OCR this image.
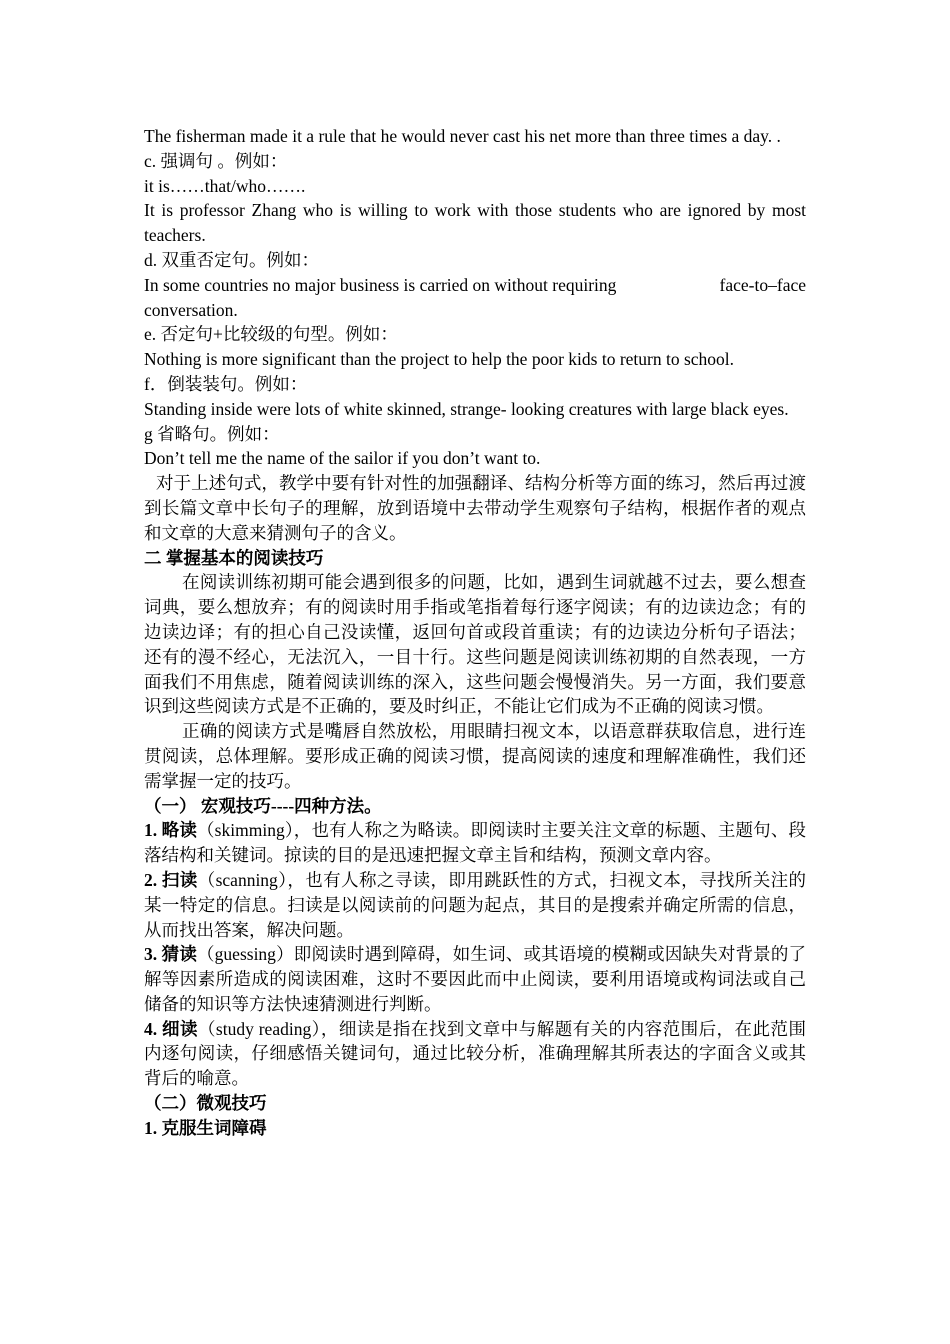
The fisherman made it a rule that he would never cast his net more than three times a day. .

c. 强调句 。例如：

it is……that/who…….

It is professor Zhang who is willing to work with those students who are ignored by most teachers.

d. 双重否定句。例如：

In some countries no major business is carried on without requiring	face-to–face

conversation.

e. 否定句+比较级的句型。例如：

Nothing is more significant than the project to help the poor kids to return to school.

f．倒装装句。例如：

Standing inside were lots of white skinned, strange- looking creatures with large black eyes.

g 省略句。例如：

Don’t tell me the name of the sailor if you don’t want to.

对于上述句式，教学中要有针对性的加强翻译、结构分析等方面的练习，然后再过渡到长篇文章中长句子的理解，放到语境中去带动学生观察句子结构，根据作者的观点和文章的大意来猜测句子的含义。

二 掌握基本的阅读技巧

在阅读训练初期可能会遇到很多的问题，比如，遇到生词就越不过去，要么想查词典，要么想放弃；有的阅读时用手指或笔指着每行逐字阅读；有的边读边念；有的边读边译；有的担心自己没读懂，返回句首或段首重读；有的边读边分析句子语法；还有的漫不经心，无法沉入，一目十行。这些问题是阅读训练初期的自然表现，一方面我们不用焦虑，随着阅读训练的深入，这些问题会慢慢消失。另一方面，我们要意识到这些阅读方式是不正确的，要及时纠正，不能让它们成为不正确的阅读习惯。

正确的阅读方式是嘴唇自然放松，用眼睛扫视文本，以语意群获取信息，进行连贯阅读，总体理解。要形成正确的阅读习惯，提高阅读的速度和理解准确性，我们还需掌握一定的技巧。

（一） 宏观技巧----四种方法。

1. 略读（skimming），也有人称之为略读。即阅读时主要关注文章的标题、主题句、段落结构和关键词。掠读的目的是迅速把握文章主旨和结构，预测文章内容。

2. 扫读（scanning），也有人称之寻读，即用跳跃性的方式，扫视文本，寻找所关注的某一特定的信息。扫读是以阅读前的问题为起点，其目的是搜索并确定所需的信息，从而找出答案，解决问题。

3. 猜读（guessing）即阅读时遇到障碍，如生词、或其语境的模糊或因缺失对背景的了解等因素所造成的阅读困难，这时不要因此而中止阅读，要利用语境或构词法或自己储备的知识等方法快速猜测进行判断。

4. 细读（study reading），细读是指在找到文章中与解题有关的内容范围后，在此范围内逐句阅读，仔细感悟关键词句，通过比较分析，准确理解其所表达的字面含义或其背后的喻意。

（二）微观技巧

1. 克服生词障碍
